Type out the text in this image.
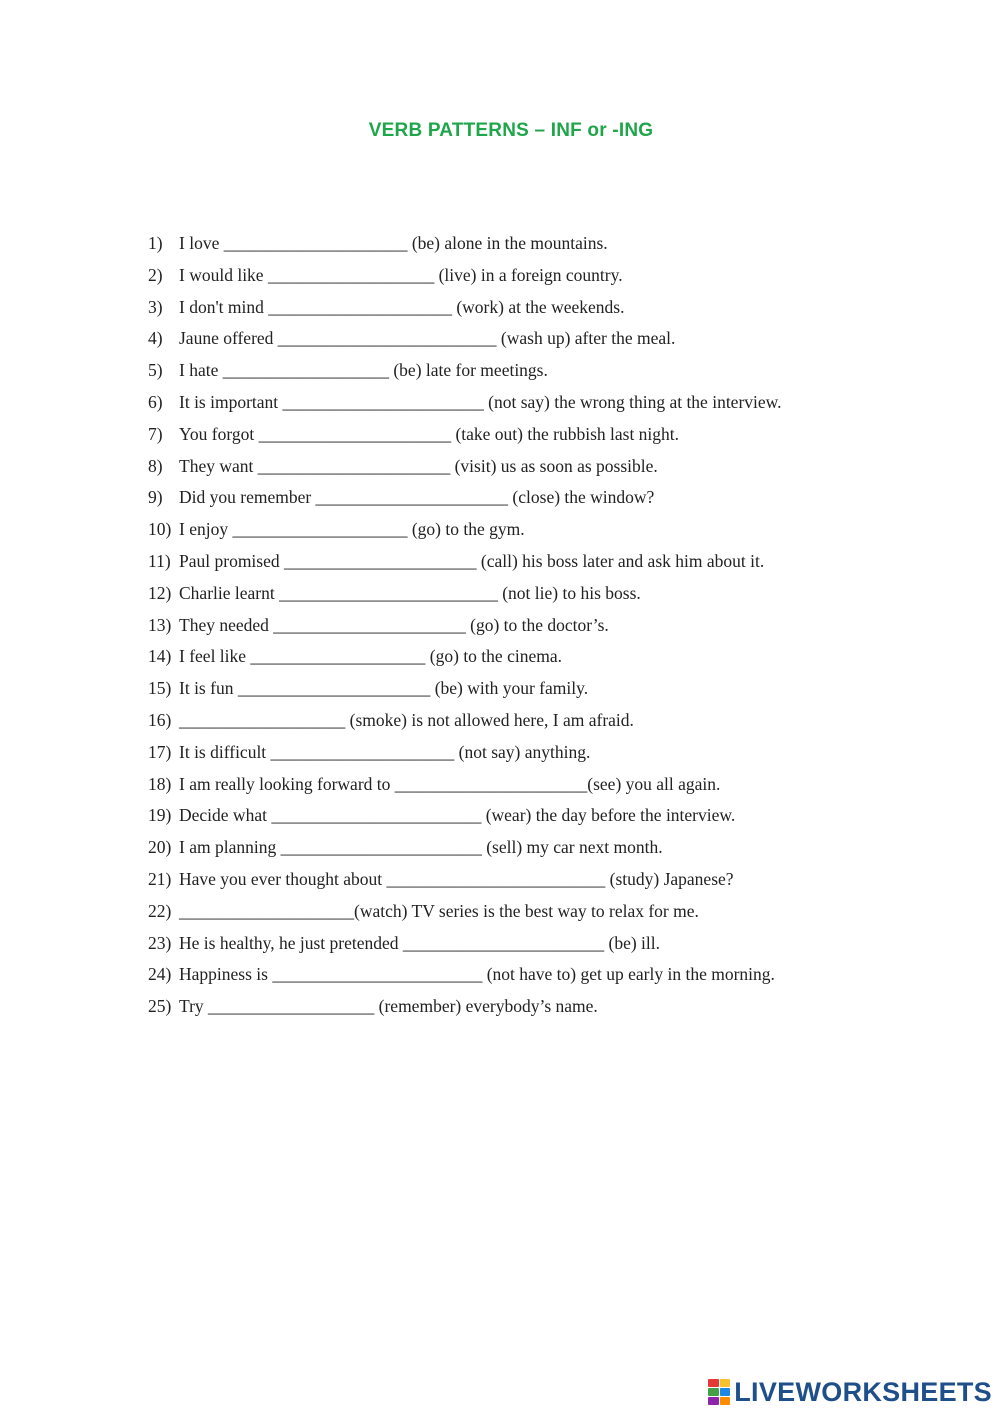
VERB PATTERNS – INF or -ING
1) I love _____________________ (be) alone in the mountains.
2) I would like ___________________ (live) in a foreign country.
3) I don't mind _____________________ (work) at the weekends.
4) Jaune offered _________________________ (wash up) after the meal.
5) I hate ___________________ (be) late for meetings.
6) It is important _______________________ (not say) the wrong thing at the interview.
7) You forgot ______________________ (take out) the rubbish last night.
8) They want ______________________ (visit) us as soon as possible.
9) Did you remember ______________________ (close) the window?
10) I enjoy ____________________ (go) to the gym.
11) Paul promised ______________________ (call) his boss later and ask him about it.
12) Charlie learnt _________________________ (not lie) to his boss.
13) They needed ______________________ (go) to the doctor’s.
14) I feel like ____________________ (go) to the cinema.
15) It is fun ______________________ (be) with your family.
16) ___________________ (smoke) is not allowed here, I am afraid.
17) It is difficult _____________________ (not say) anything.
18) I am really looking forward to ______________________(see) you all again.
19) Decide what ________________________ (wear) the day before the interview.
20) I am planning _______________________ (sell) my car next month.
21) Have you ever thought about _________________________ (study) Japanese?
22) ____________________(watch) TV series is the best way to relax for me.
23) He is healthy, he just pretended _______________________ (be) ill.
24) Happiness is ________________________ (not have to) get up early in the morning.
25) Try ___________________ (remember) everybody’s name.
LIVEWORKSHEETS
